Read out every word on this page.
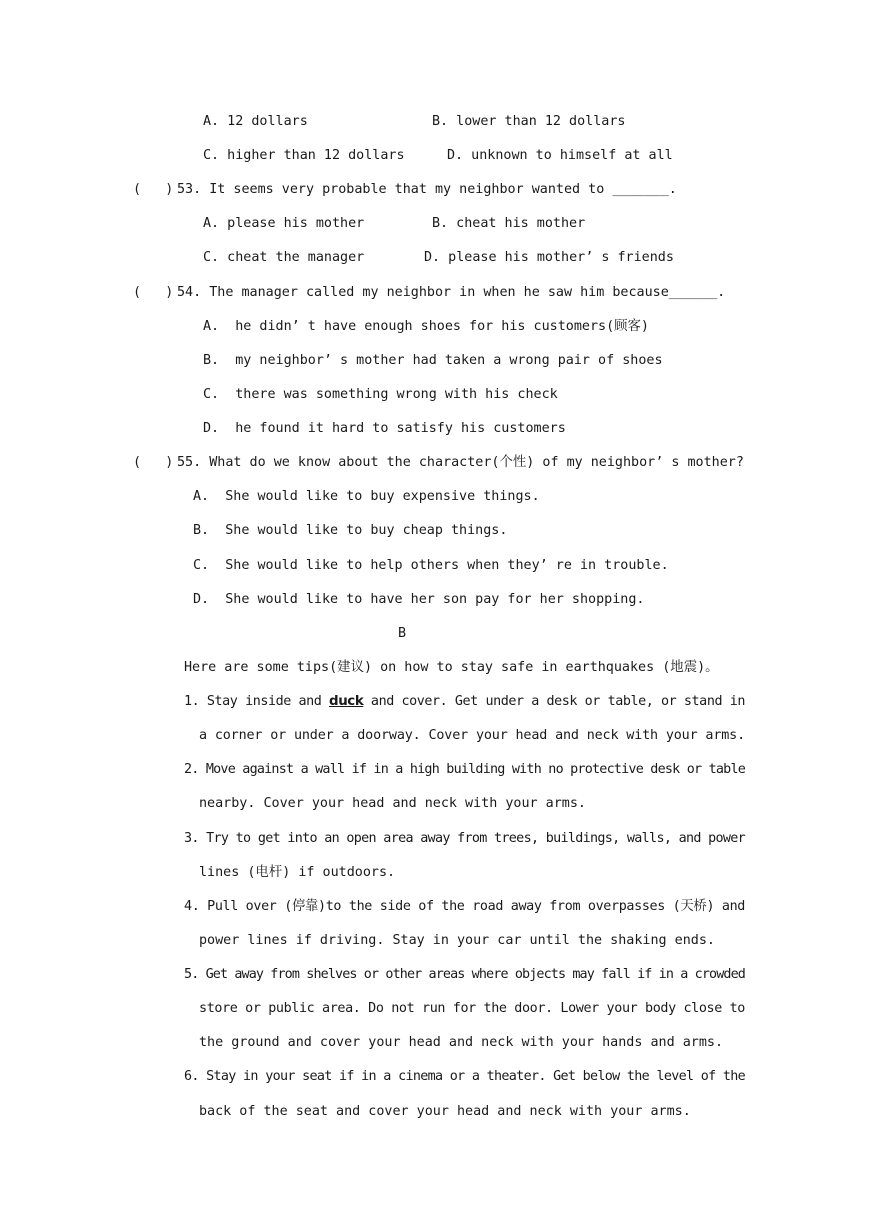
A. 12 dollars	B. lower than 12 dollars
C. higher than 12 dollars	D. unknown to himself at all
(   ) 53. It seems very probable that my neighbor wanted to _______.
A. please his mother	B. cheat his mother
C. cheat the manager	D. please his mother’ s friends
(   ) 54. The manager called my neighbor in when he saw him because______.
A.  he didn’ t have enough shoes for his customers(顾客)
B.  my neighbor’ s mother had taken a wrong pair of shoes
C.  there was something wrong with his check
D.  he found it hard to satisfy his customers
(   ) 55. What do we know about the character(个性) of my neighbor’ s mother?
A.  She would like to buy expensive things.
B.  She would like to buy cheap things.
C.  She would like to help others when they’ re in trouble.
D.  She would like to have her son pay for her shopping.
B
Here are some tips(建议) on how to stay safe in earthquakes (地震)。
1. Stay inside and duck and cover. Get under a desk or table, or stand in
a corner or under a doorway. Cover your head and neck with your arms.
2. Move against a wall if in a high building with no protective desk or table
nearby. Cover your head and neck with your arms.
3. Try to get into an open area away from trees, buildings, walls, and power
lines (电杆) if outdoors.
4. Pull over (停靠)to the side of the road away from overpasses (天桥) and
power lines if driving. Stay in your car until the shaking ends.
5. Get away from shelves or other areas where objects may fall if in a crowded
store or public area. Do not run for the door. Lower your body close to
the ground and cover your head and neck with your hands and arms.
6. Stay in your seat if in a cinema or a theater. Get below the level of the
back of the seat and cover your head and neck with your arms.
